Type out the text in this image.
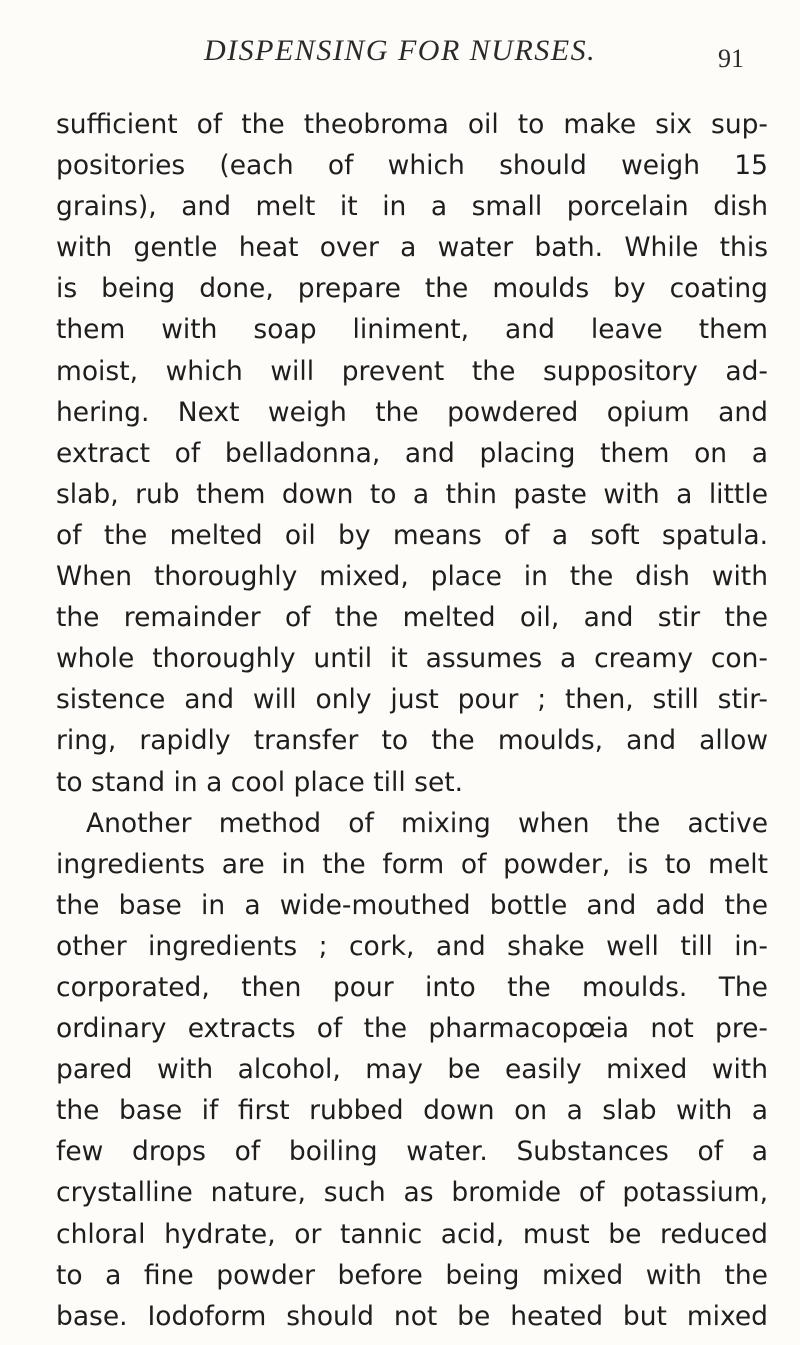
DISPENSING FOR NURSES.	91
sufficient of the theobroma oil to make six sup-
positories (each of which should weigh 15
grains), and melt it in a small porcelain dish
with gentle heat over a water bath. While this
is being done, prepare the moulds by coating
them with soap liniment, and leave them
moist, which will prevent the suppository ad-
hering. Next weigh the powdered opium and
extract of belladonna, and placing them on a
slab, rub them down to a thin paste with a little
of the melted oil by means of a soft spatula.
When thoroughly mixed, place in the dish with
the remainder of the melted oil, and stir the
whole thoroughly until it assumes a creamy con-
sistence and will only just pour ; then, still stir-
ring, rapidly transfer to the moulds, and allow
to stand in a cool place till set.
Another method of mixing when the active
ingredients are in the form of powder, is to melt
the base in a wide-mouthed bottle and add the
other ingredients ; cork, and shake well till in-
corporated, then pour into the moulds. The
ordinary extracts of the pharmacopœia not pre-
pared with alcohol, may be easily mixed with
the base if first rubbed down on a slab with a
few drops of boiling water. Substances of a
crystalline nature, such as bromide of potassium,
chloral hydrate, or tannic acid, must be reduced
to a fine powder before being mixed with the
base. Iodoform should not be heated but mixed
